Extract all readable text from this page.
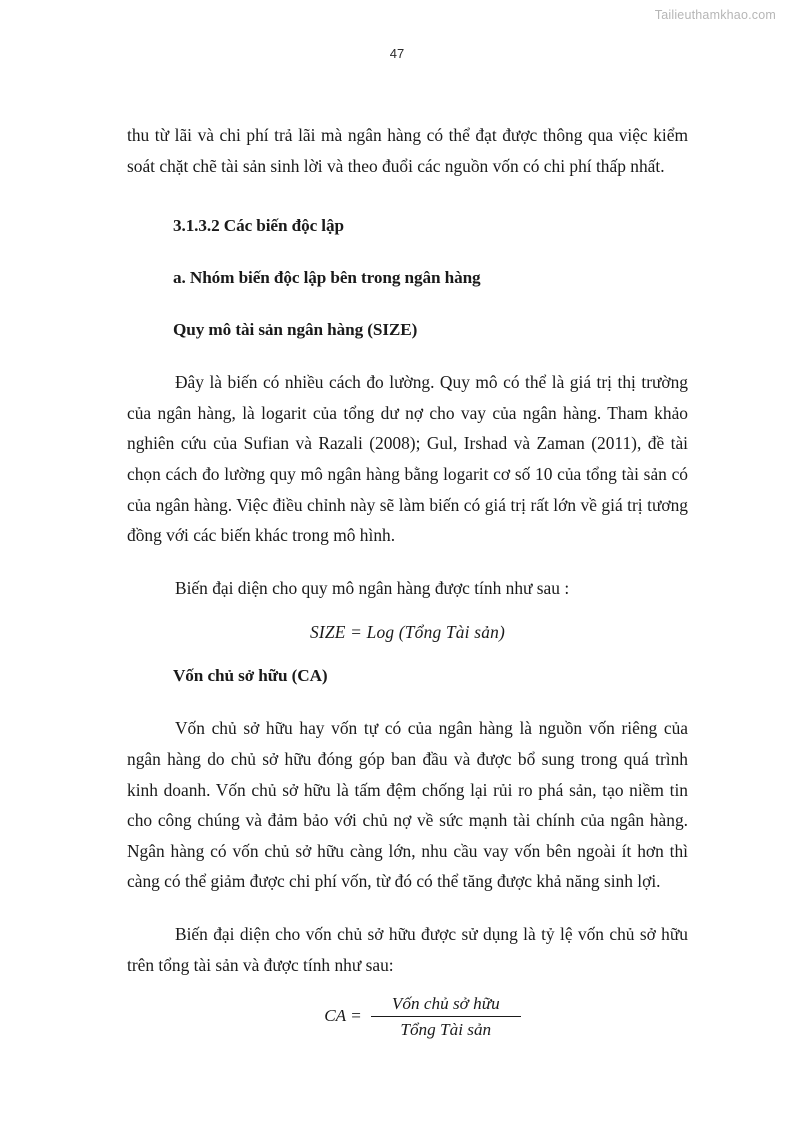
Tailieuthamkhao.com
47

thu từ lãi và chi phí trả lãi mà ngân hàng có thể đạt được thông qua việc kiểm soát chặt chẽ tài sản sinh lời và theo đuổi các nguồn vốn có chi phí thấp nhất.

3.1.3.2 Các biến độc lập
a. Nhóm biến độc lập bên trong ngân hàng
Quy mô tài sản ngân hàng (SIZE)

Đây là biến có nhiều cách đo lường. Quy mô có thể là giá trị thị trường của ngân hàng, là logarit của tổng dư nợ cho vay của ngân hàng. Tham khảo nghiên cứu của Sufian và Razali (2008); Gul, Irshad và Zaman (2011), đề tài chọn cách đo lường quy mô ngân hàng bằng logarit cơ số 10 của tổng tài sản có của ngân hàng. Việc điều chỉnh này sẽ làm biến có giá trị rất lớn về giá trị tương đồng với các biến khác trong mô hình.

Biến đại diện cho quy mô ngân hàng được tính như sau :

SIZE = Log (Tổng Tài sản)

Vốn chủ sở hữu (CA)

Vốn chủ sở hữu hay vốn tự có của ngân hàng là nguồn vốn riêng của ngân hàng do chủ sở hữu đóng góp ban đầu và được bổ sung trong quá trình kinh doanh. Vốn chủ sở hữu là tấm đệm chống lại rủi ro phá sản, tạo niềm tin cho công chúng và đảm bảo với chủ nợ về sức mạnh tài chính của ngân hàng. Ngân hàng có vốn chủ sở hữu càng lớn, nhu cầu vay vốn bên ngoài ít hơn thì càng có thể giảm được chi phí vốn, từ đó có thể tăng được khả năng sinh lợi.

Biến đại diện cho vốn chủ sở hữu được sử dụng là tỷ lệ vốn chủ sở hữu trên tổng tài sản và được tính như sau:

CA = $\frac{\text{Vốn chủ sở hữu}}{\text{Tổng Tài sản}}$
